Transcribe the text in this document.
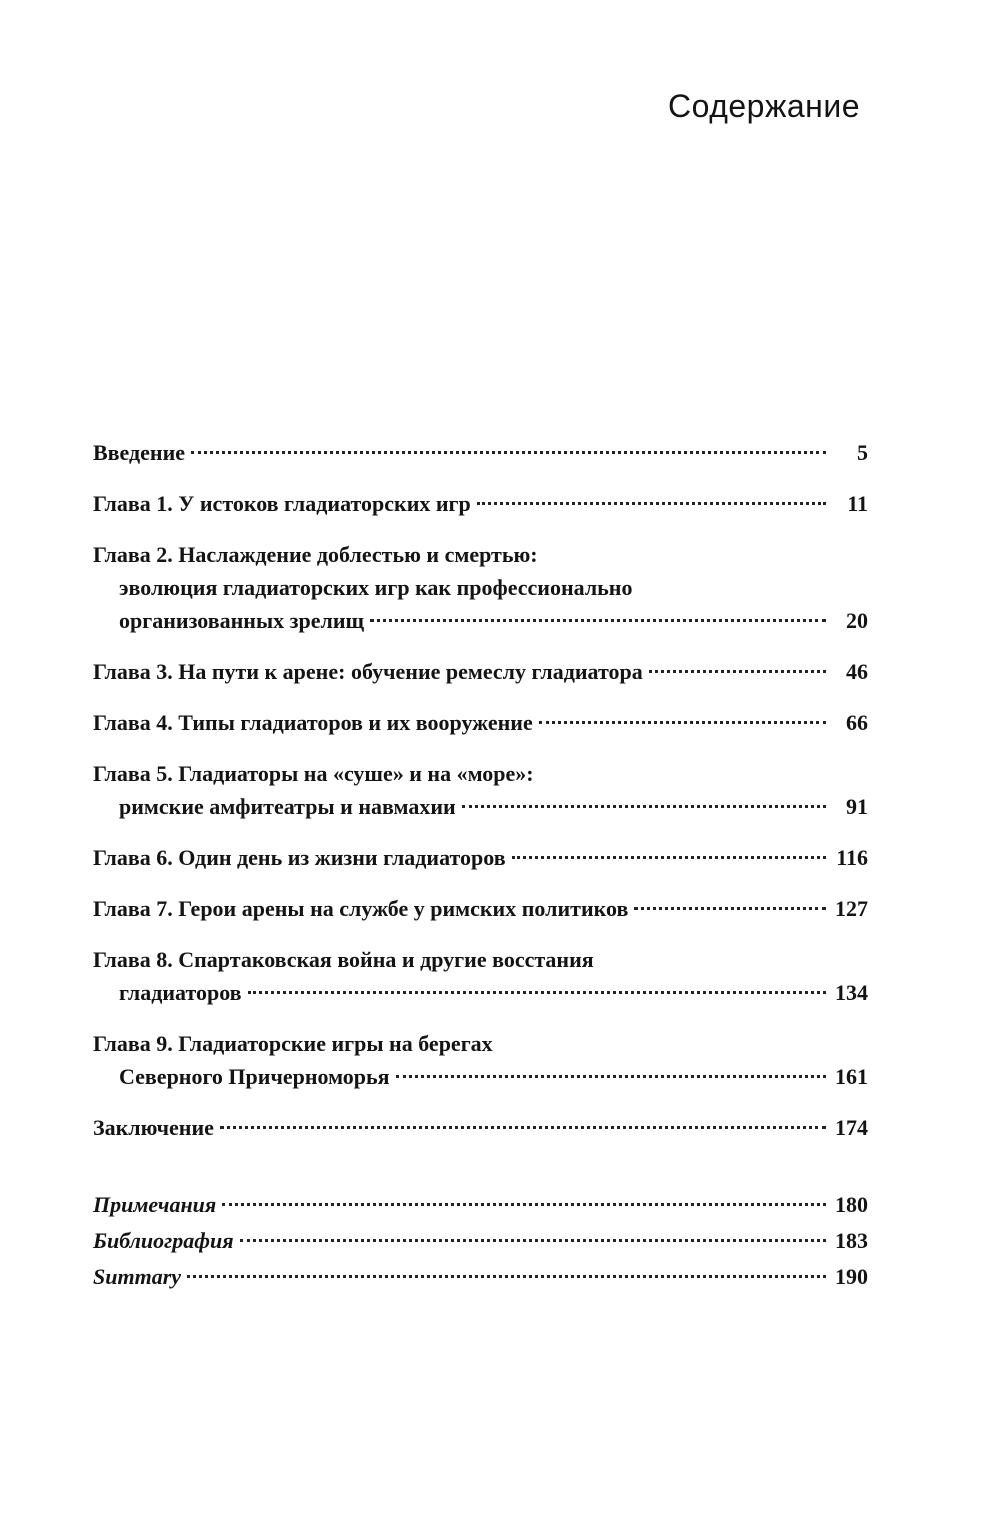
Содержание
Введение	5
Глава 1. У истоков гладиаторских игр	11
Глава 2. Наслаждение доблестью и смертью:
эволюция гладиаторских игр как профессионально
организованных зрелищ	20
Глава 3. На пути к арене: обучение ремеслу гладиатора	46
Глава 4. Типы гладиаторов и их вооружение	66
Глава 5. Гладиаторы на «суше» и на «море»:
римские амфитеатры и навмахии	91
Глава 6. Один день из жизни гладиаторов	116
Глава 7. Герои арены на службе у римских политиков	127
Глава 8. Спартаковская война и другие восстания
гладиаторов	134
Глава 9. Гладиаторские игры на берегах
Северного Причерноморья	161
Заключение	174
Примечания	180
Библиография	183
Summary	190
